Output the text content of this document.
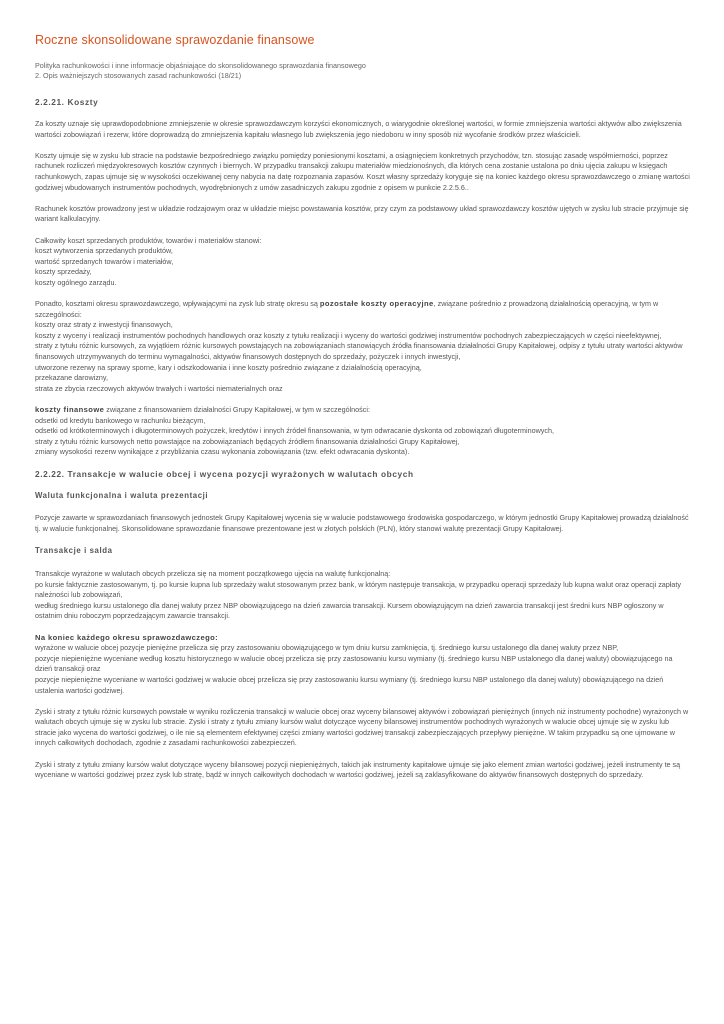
Roczne skonsolidowane sprawozdanie finansowe
Polityka rachunkowości i inne informacje objaśniające do skonsolidowanego sprawozdania finansowego
2. Opis ważniejszych stosowanych zasad rachunkowości (18/21)
2.2.21. Koszty

Za koszty uznaje się uprawdopodobnione zmniejszenie w okresie sprawozdawczym korzyści ekonomicznych, o wiarygodnie określonej wartości, w formie zmniejszenia wartości aktywów albo zwiększenia wartości zobowiązań i rezerw, które doprowadzą do zmniejszenia kapitału własnego lub zwiększenia jego niedoboru w inny sposób niż wycofanie środków przez właścicieli.

Koszty ujmuje się w zysku lub stracie na podstawie bezpośredniego związku pomiędzy poniesionymi kosztami, a osiągnięciem konkretnych przychodów, tzn. stosując zasadę współmierności, poprzez rachunek rozliczeń międzyokresowych kosztów czynnych i biernych. W przypadku transakcji zakupu materiałów miedzionośnych, dla których cena zostanie ustalona po dniu ujęcia zakupu w księgach rachunkowych, zapas ujmuje się w wysokości oczekiwanej ceny nabycia na datę rozpoznania zapasów. Koszt własny sprzedaży koryguje się na koniec każdego okresu sprawozdawczego o zmianę wartości godziwej wbudowanych instrumentów pochodnych, wyodrębnionych z umów zasadniczych zakupu zgodnie z opisem w punkcie 2.2.5.6..

Rachunek kosztów prowadzony jest w układzie rodzajowym oraz w układzie miejsc powstawania kosztów, przy czym za podstawowy układ sprawozdawczy kosztów ujętych w zysku lub stracie przyjmuje się wariant kalkulacyjny.

Całkowity koszt sprzedanych produktów, towarów i materiałów stanowi:
koszt wytworzenia sprzedanych produktów,
wartość sprzedanych towarów i materiałów,
koszty sprzedaży,
koszty ogólnego zarządu.
Ponadto, kosztami okresu sprawozdawczego, wpływającymi na zysk lub stratę okresu są pozostałe koszty operacyjne, związane pośrednio z prowadzoną działalnością operacyjną, w tym w szczególności:
koszty oraz straty z inwestycji finansowych,
koszty z wyceny i realizacji instrumentów pochodnych handlowych oraz koszty z tytułu realizacji i wyceny do wartości godziwej instrumentów pochodnych zabezpieczających w części nieefektywnej,
straty z tytułu różnic kursowych, za wyjątkiem różnic kursowych powstających na zobowiązaniach stanowiących źródła finansowania działalności Grupy Kapitałowej, odpisy z tytułu utraty wartości aktywów finansowych utrzymywanych do terminu wymagalności, aktywów finansowych dostępnych do sprzedaży, pożyczek i innych inwestycji,
utworzone rezerwy na sprawy sporne, kary i odszkodowania i inne koszty pośrednio związane z działalnością operacyjną,
przekazane darowizny,
strata ze zbycia rzeczowych aktywów trwałych i wartości niematerialnych oraz
koszty finansowe związane z finansowaniem działalności Grupy Kapitałowej, w tym w szczególności:
odsetki od kredytu bankowego w rachunku bieżącym,
odsetki od krótkoterminowych i długoterminowych pożyczek, kredytów i innych źródeł finansowania, w tym odwracanie dyskonta od zobowiązań długoterminowych,
straty z tytułu różnic kursowych netto powstające na zobowiązaniach będących źródłem finansowania działalności Grupy Kapitałowej,
zmiany wysokości rezerw wynikające z przybliżania czasu wykonania zobowiązania (tzw. efekt odwracania dyskonta).
2.2.22. Transakcje w walucie obcej i wycena pozycji wyrażonych w walutach obcych
Waluta funkcjonalna i waluta prezentacji

Pozycje zawarte w sprawozdaniach finansowych jednostek Grupy Kapitałowej wycenia się w walucie podstawowego środowiska gospodarczego, w którym jednostki Grupy Kapitałowej prowadzą działalność tj. w walucie funkcjonalnej. Skonsolidowane sprawozdanie finansowe prezentowane jest w złotych polskich (PLN), który stanowi walutę prezentacji Grupy Kapitałowej.

Transakcje i salda
Transakcje wyrażone w walutach obcych przelicza się na moment początkowego ujęcia na walutę funkcjonalną:
po kursie faktycznie zastosowanym, tj. po kursie kupna lub sprzedaży walut stosowanym przez bank, w którym następuje transakcja, w przypadku operacji sprzedaży lub kupna walut oraz operacji zapłaty należności lub zobowiązań,
według średniego kursu ustalonego dla danej waluty przez NBP obowiązującego na dzień zawarcia transakcji. Kursem obowiązującym na dzień zawarcia transakcji jest średni kurs NBP ogłoszony w ostatnim dniu roboczym poprzedzającym zawarcie transakcji.
Na koniec każdego okresu sprawozdawczego:
wyrażone w walucie obcej pozycje pieniężne przelicza się przy zastosowaniu obowiązującego w tym dniu kursu zamknięcia, tj. średniego kursu ustalonego dla danej waluty przez NBP,
pozycje niepieniężne wyceniane według kosztu historycznego w walucie obcej przelicza się przy zastosowaniu kursu wymiany (tj. średniego kursu NBP ustalonego dla danej waluty) obowiązującego na dzień transakcji oraz
pozycje niepieniężne wyceniane w wartości godziwej w walucie obcej przelicza się przy zastosowaniu kursu wymiany (tj. średniego kursu NBP ustalonego dla danej waluty) obowiązującego na dzień ustalenia wartości godziwej.

Zyski i straty z tytułu różnic kursowych powstałe w wyniku rozliczenia transakcji w walucie obcej oraz wyceny bilansowej aktywów i zobowiązań pieniężnych (innych niż instrumenty pochodne) wyrażonych w walutach obcych ujmuje się w zysku lub stracie. Zyski i straty z tytułu zmiany kursów walut dotyczące wyceny bilansowej instrumentów pochodnych wyrażonych w walucie obcej ujmuje się w zysku lub stracie jako wycena do wartości godziwej, o ile nie są elementem efektywnej części zmiany wartości godziwej transakcji zabezpieczających przepływy pieniężne. W takim przypadku są one ujmowane w innych całkowitych dochodach, zgodnie z zasadami rachunkowości zabezpieczeń.

Zyski i straty z tytułu zmiany kursów walut dotyczące wyceny bilansowej pozycji niepieniężnych, takich jak instrumenty kapitałowe ujmuje się jako element zmian wartości godziwej, jeżeli instrumenty te są wyceniane w wartości godziwej przez zysk lub stratę, bądź w innych całkowitych dochodach w wartości godziwej, jeżeli są zaklasyfikowane do aktywów finansowych dostępnych do sprzedaży.
